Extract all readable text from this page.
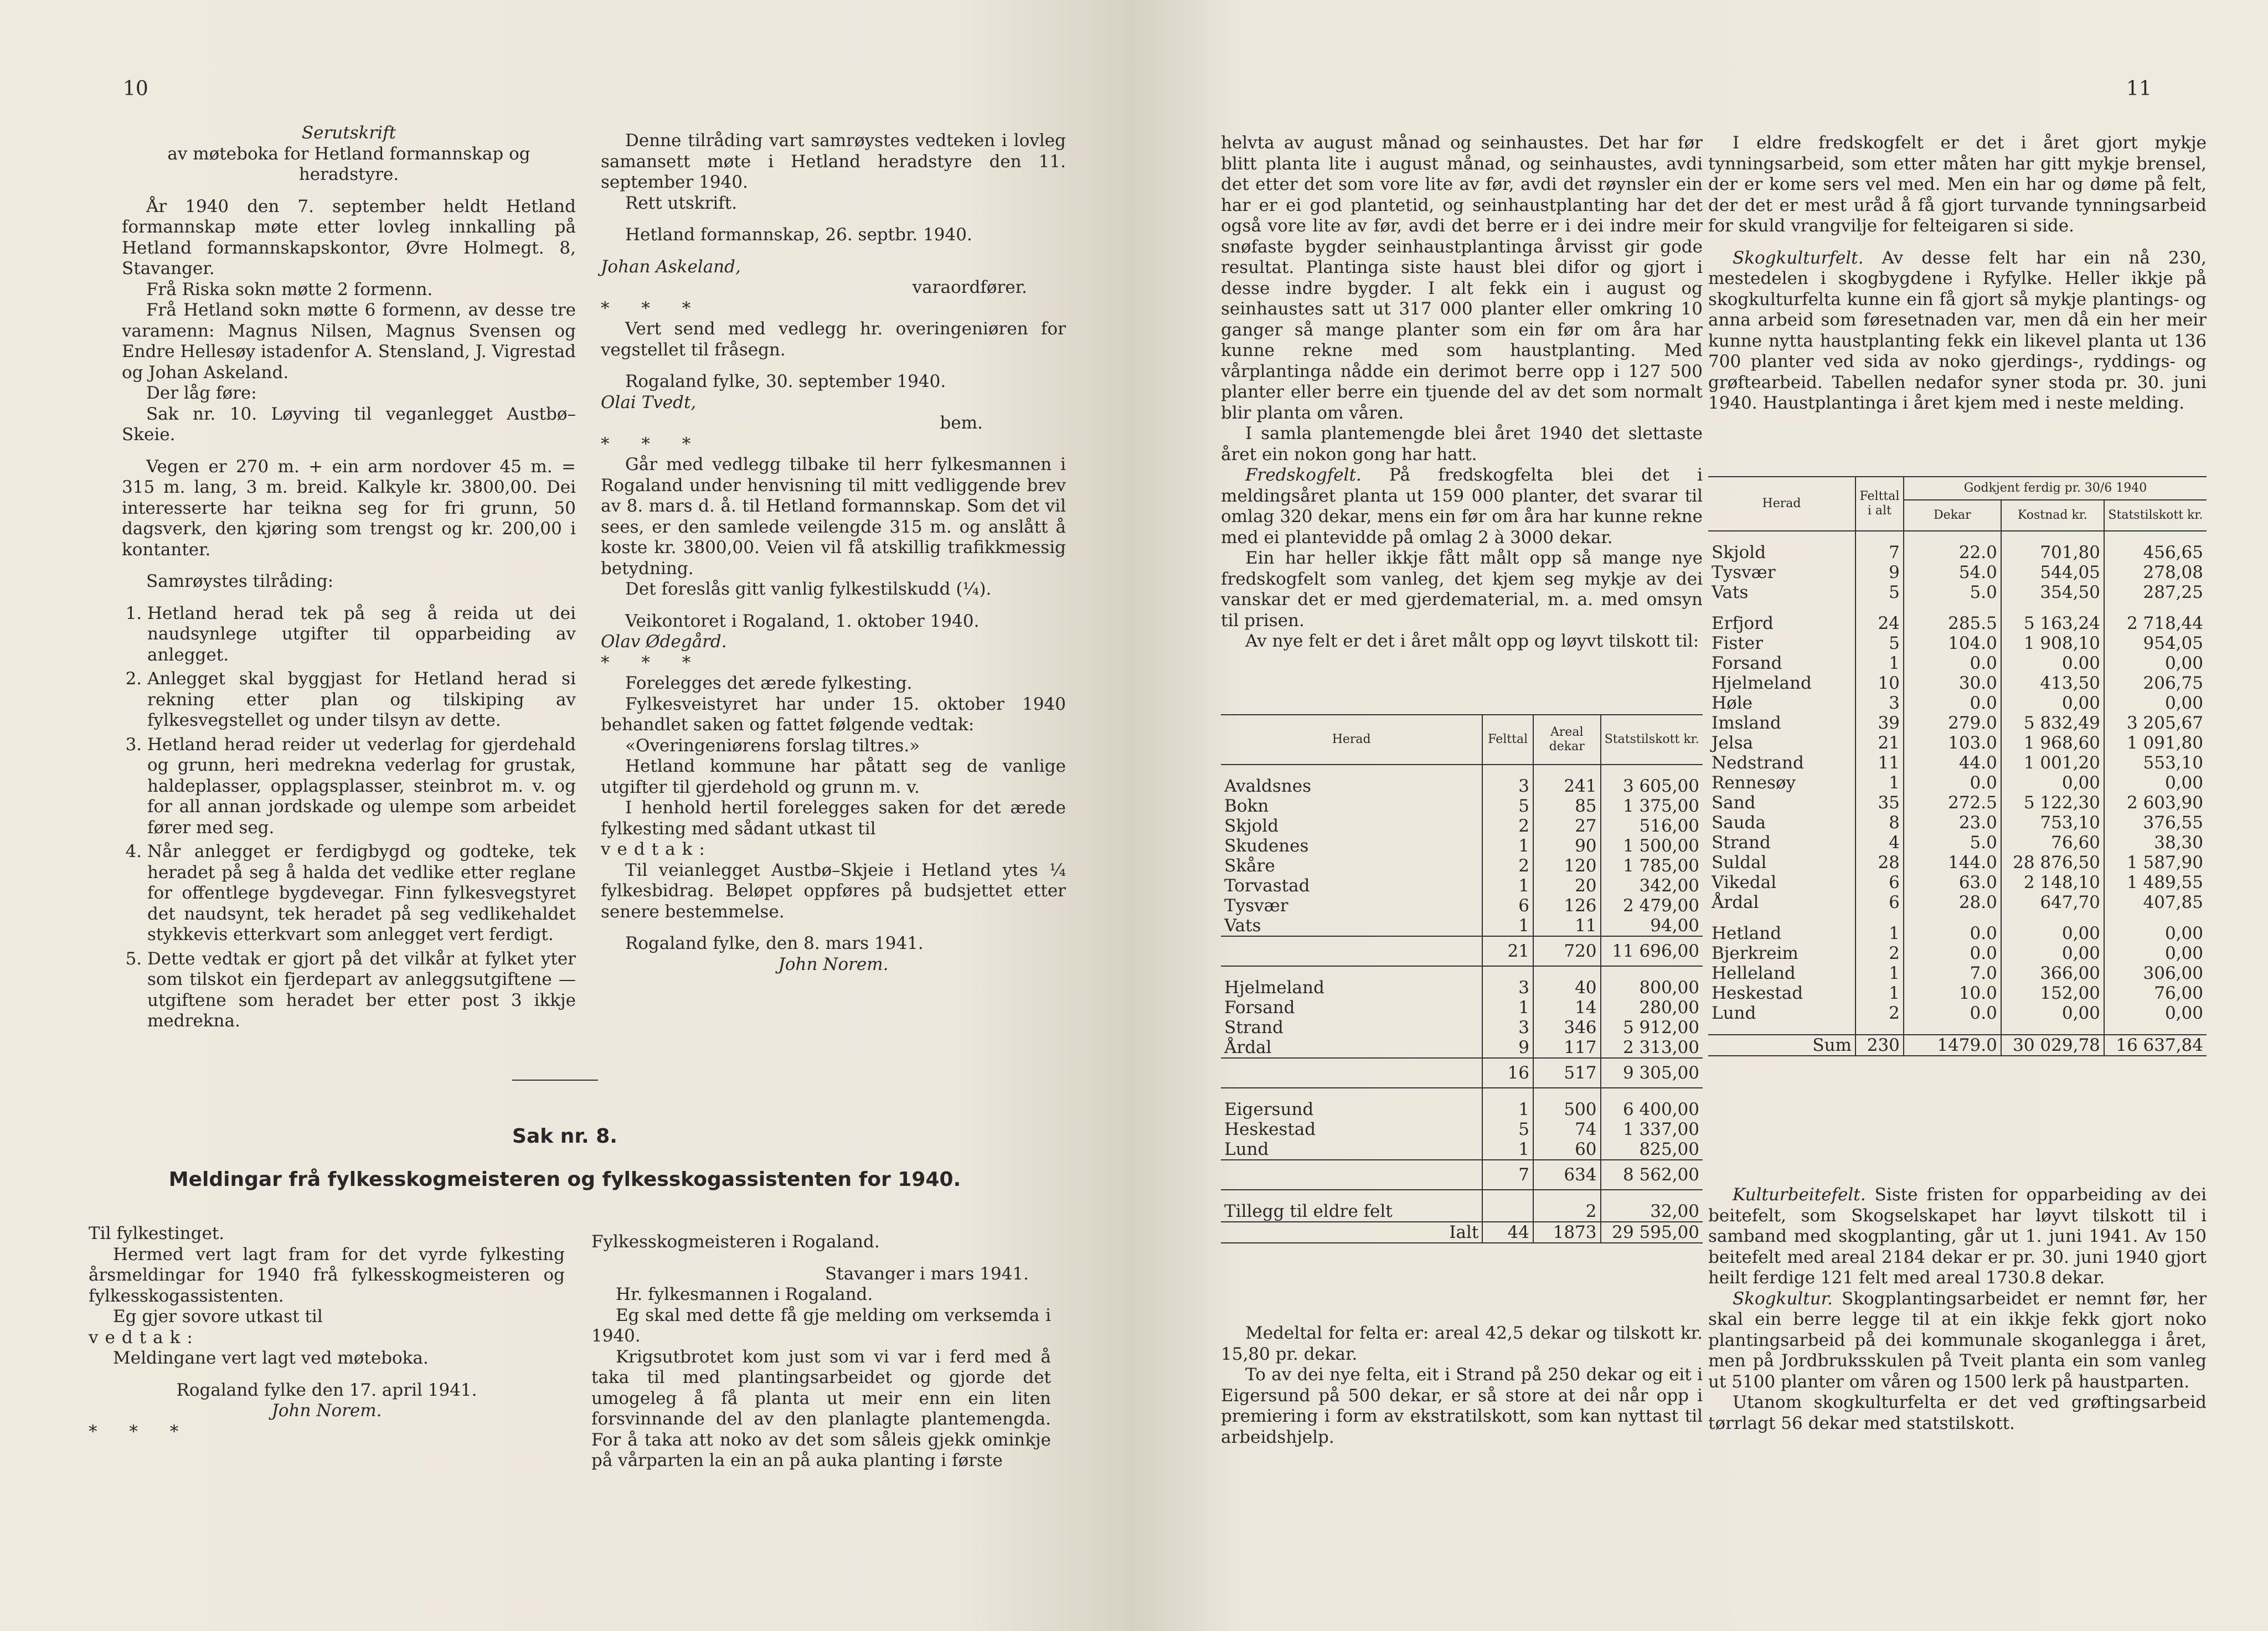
10

Serutskrift

av møteboka for Hetland formannskap og heradstyre.

År 1940 den 7. september heldt Hetland formannskap møte etter lovleg innkalling på Hetland formannskapskontor, Øvre Holmegt. 8, Stavanger.

Frå Riska sokn møtte 2 formenn.

Frå Hetland sokn møtte 6 formenn, av desse tre varamenn: Magnus Nilsen, Magnus Svensen og Endre Hellesøy istadenfor A. Stensland, J. Vigrestad og Johan Askeland.

Der låg føre:

Sak nr. 10. Løyving til veganlegget Austbø–Skeie.

Vegen er 270 m. + ein arm nordover 45 m. = 315 m. lang, 3 m. breid. Kalkyle kr. 3800,00. Dei interesserte har teikna seg for fri grunn, 50 dagsverk, den kjøring som trengst og kr. 200,00 i kontanter.

Samrøystes tilråding:

1. Hetland herad tek på seg å reida ut dei naudsynlege utgifter til opparbeiding av anlegget.
2. Anlegget skal byggjast for Hetland herad si rekning etter plan og tilskiping av fylkesvegstellet og under tilsyn av dette.
3. Hetland herad reider ut vederlag for gjerdehald og grunn, heri medrekna vederlag for grustak, haldeplasser, opplagsplasser, steinbrot m. v. og for all annan jordskade og ulempe som arbeidet fører med seg.
4. Når anlegget er ferdigbygd og godteke, tek heradet på seg å halda det vedlike etter reglane for offentlege bygdevegar. Finn fylkesvegstyret det naudsynt, tek heradet på seg vedlikehaldet stykkevis etterkvart som anlegget vert ferdigt.
5. Dette vedtak er gjort på det vilkår at fylket yter som tilskot ein fjerdepart av anleggsutgiftene — utgiftene som heradet ber etter post 3 ikkje medrekna.

Denne tilråding vart samrøystes vedteken i lovleg samansett møte i Hetland heradstyre den 11. september 1940.

Rett utskrift.

Hetland formannskap, 26. septbr. 1940.

Johan Askeland,

varaordfører.

* * *

Vert send med vedlegg hr. overingeniøren for vegstellet til fråsegn.

Rogaland fylke, 30. september 1940.

Olai Tvedt,

bem.

* * *

Går med vedlegg tilbake til herr fylkesmannen i Rogaland under henvisning til mitt vedliggende brev av 8. mars d. å. til Hetland formannskap. Som det vil sees, er den samlede veilengde 315 m. og anslått å koste kr. 3800,00. Veien vil få atskillig trafikkmessig betydning.

Det foreslås gitt vanlig fylkestilskudd (¼).

Veikontoret i Rogaland, 1. oktober 1940.

Olav Ødegård.

* * *

Forelegges det ærede fylkesting.

Fylkesveistyret har under 15. oktober 1940 behandlet saken og fattet følgende vedtak:

«Overingeniørens forslag tiltres.»

Hetland kommune har påtatt seg de vanlige utgifter til gjerdehold og grunn m. v.

I henhold hertil forelegges saken for det ærede fylkesting med sådant utkast til

vedtak:

Til veianlegget Austbø–Skjeie i Hetland ytes ¼ fylkesbidrag. Beløpet oppføres på budsjettet etter senere bestemmelse.

Rogaland fylke, den 8. mars 1941.

John Norem.

Sak nr. 8.
Meldingar frå fylkesskogmeisteren og fylkesskogassistenten for 1940.

Til fylkestinget.

Hermed vert lagt fram for det vyrde fylkesting årsmeldingar for 1940 frå fylkesskogmeisteren og fylkesskogassistenten.

Eg gjer sovore utkast til

vedtak:

Meldingane vert lagt ved møteboka.

Rogaland fylke den 17. april 1941.

John Norem.

* * *

Fylkesskogmeisteren i Rogaland.

Stavanger i mars 1941.

Hr. fylkesmannen i Rogaland.

Eg skal med dette få gje melding om verksemda i 1940.

Krigsutbrotet kom just som vi var i ferd med å taka til med plantingsarbeidet og gjorde det umogeleg å få planta ut meir enn ein liten forsvinnande del av den planlagte plantemengda. For å taka att noko av det som såleis gjekk ominkje på vårparten la ein an på auka planting i første

11

helvta av august månad og seinhaustes. Det har før blitt planta lite i august månad, og seinhaustes, avdi det etter det som vore lite av før, avdi det røynsler ein har er ei god plantetid, og seinhaustplanting har det også vore lite av før, avdi det berre er i dei indre meir snøfaste bygder seinhaustplantinga årvisst gir gode resultat. Plantinga siste haust blei difor og gjort i desse indre bygder. I alt fekk ein i august og seinhaustes satt ut 317 000 planter eller omkring 10 ganger så mange planter som ein før om åra har kunne rekne med som haustplanting. Med vårplantinga nådde ein derimot berre opp i 127 500 planter eller berre ein tjuende del av det som normalt blir planta om våren.

I samla plantemengde blei året 1940 det slettaste året ein nokon gong har hatt.

Fredskogfelt. På fredskogfelta blei det i meldingsåret planta ut 159 000 planter, det svarar til omlag 320 dekar, mens ein før om åra har kunne rekne med ei plantevidde på omlag 2 à 3000 dekar.

Ein har heller ikkje fått målt opp så mange nye fredskogfelt som vanleg, det kjem seg mykje av dei vanskar det er med gjerdematerial, m. a. med omsyn til prisen.

Av nye felt er det i året målt opp og løyvt tilskott til:

Herad	Felttal	Areal dekar	Statstilskott kr.

Avaldsnes	3	241	3 605,00
Bokn	5	85	1 375,00
Skjold	2	27	516,00
Skudenes	1	90	1 500,00
Skåre	2	120	1 785,00
Torvastad	1	20	342,00
Tysvær	6	126	2 479,00
Vats	1	11	94,00
	21	720	11 696,00

Hjelmeland	3	40	800,00
Forsand	1	14	280,00
Strand	3	346	5 912,00
Årdal	9	117	2 313,00
	16	517	9 305,00

Eigersund	1	500	6 400,00
Heskestad	5	74	1 337,00
Lund	1	60	825,00
	7	634	8 562,00

Tillegg til eldre felt		2	32,00
Ialt	44	1873	29 595,00

Medeltal for felta er: areal 42,5 dekar og tilskott kr. 15,80 pr. dekar.

To av dei nye felta, eit i Strand på 250 dekar og eit i Eigersund på 500 dekar, er så store at dei når opp i premiering i form av ekstratilskott, som kan nyttast til arbeidshjelp.

I eldre fredskogfelt er det i året gjort mykje tynningsarbeid, som etter måten har gitt mykje brensel, der er kome sers vel med. Men ein har og døme på felt, der det er mest uråd å få gjort turvande tynningsarbeid for skuld vrangvilje for felteigaren si side.

Skogkulturfelt. Av desse felt har ein nå 230, mestedelen i skogbygdene i Ryfylke. Heller ikkje på skogkulturfelta kunne ein få gjort så mykje plantings- og anna arbeid som føresetnaden var, men då ein her meir kunne nytta haustplanting fekk ein likevel planta ut 136 700 planter ved sida av noko gjerdings-, ryddings- og grøftearbeid. Tabellen nedafor syner stoda pr. 30. juni 1940. Haustplantinga i året kjem med i neste melding.

Herad	Felttal i alt	Godkjent ferdig pr. 30/6 1940		
		Dekar	Kostnad kr.	Statstilskott kr.

Skjold	7	22.0	701,80	456,65
Tysvær	9	54.0	544,05	278,08
Vats	5	5.0	354,50	287,25

Erfjord	24	285.5	5 163,24	2 718,44
Fister	5	104.0	1 908,10	954,05
Forsand	1	0.0	0.00	0,00
Hjelmeland	10	30.0	413,50	206,75
Høle	3	0.0	0,00	0,00
Imsland	39	279.0	5 832,49	3 205,67
Jelsa	21	103.0	1 968,60	1 091,80
Nedstrand	11	44.0	1 001,20	553,10
Rennesøy	1	0.0	0,00	0,00
Sand	35	272.5	5 122,30	2 603,90
Sauda	8	23.0	753,10	376,55
Strand	4	5.0	76,60	38,30
Suldal	28	144.0	28 876,50	1 587,90
Vikedal	6	63.0	2 148,10	1 489,55
Årdal	6	28.0	647,70	407,85

Hetland	1	0.0	0,00	0,00
Bjerkreim	2	0.0	0,00	0,00
Helleland	1	7.0	366,00	306,00
Heskestad	1	10.0	152,00	76,00
Lund	2	0.0	0,00	0,00

Sum	230	1479.0	30 029,78	16 637,84

Kulturbeitefelt. Siste fristen for opparbeiding av dei beitefelt, som Skogselskapet har løyvt tilskott til i samband med skogplanting, går ut 1. juni 1941. Av 150 beitefelt med areal 2184 dekar er pr. 30. juni 1940 gjort heilt ferdige 121 felt med areal 1730.8 dekar.

Skogkultur. Skogplantingsarbeidet er nemnt før, her skal ein berre legge til at ein ikkje fekk gjort noko plantingsarbeid på dei kommunale skoganlegga i året, men på Jordbruksskulen på Tveit planta ein som vanleg ut 5100 planter om våren og 1500 lerk på haustparten.

Utanom skogkulturfelta er det ved grøftingsarbeid tørrlagt 56 dekar med statstilskott.
